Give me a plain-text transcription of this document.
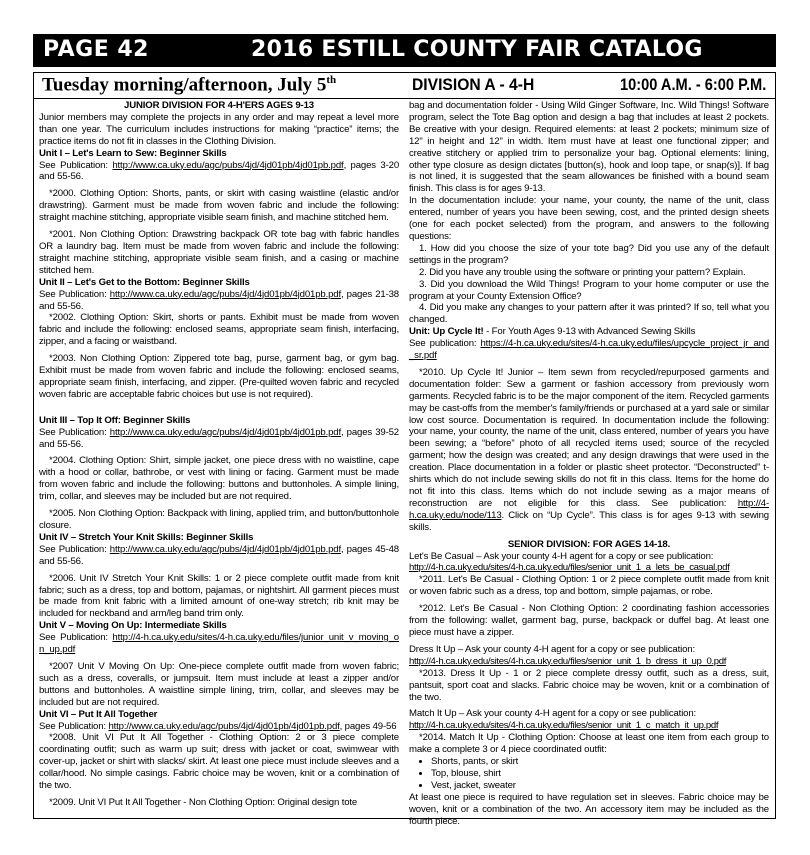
PAGE 42	2016 ESTILL COUNTY FAIR CATALOG
Tuesday morning/afternoon, July 5th	DIVISION A - 4-H	10:00 A.M. - 6:00 P.M.

JUNIOR DIVISION FOR 4-H'ERS AGES 9-13

Junior members may complete the projects in any order and may repeat a level more than one year. The curriculum includes instructions for making “practice” items; the practice items do not fit in classes in the Clothing Division.

Unit I – Let's Learn to Sew: Beginner Skills

See Publication: http://www.ca.uky.edu/agc/pubs/4jd/4jd01pb/4jd01pb.pdf, pages 3-20 and 55-56.

*2000. Clothing Option: Shorts, pants, or skirt with casing waistline (elastic and/or drawstring). Garment must be made from woven fabric and include the following: straight machine stitching, appropriate visible seam finish, and machine stitched hem.

*2001. Non Clothing Option: Drawstring backpack OR tote bag with fabric handles OR a laundry bag. Item must be made from woven fabric and include the following: straight machine stitching, appropriate visible seam finish, and a casing or machine stitched hem.

Unit II – Let's Get to the Bottom: Beginner Skills

See Publication: http://www.ca.uky.edu/agc/pubs/4jd/4jd01pb/4jd01pb.pdf, pages 21-38 and 55-56.

*2002. Clothing Option: Skirt, shorts or pants. Exhibit must be made from woven fabric and include the following: enclosed seams, appropriate seam finish, interfacing, zipper, and a facing or waistband.

*2003. Non Clothing Option: Zippered tote bag, purse, garment bag, or gym bag. Exhibit must be made from woven fabric and include the following: enclosed seams, appropriate seam finish, interfacing, and zipper. (Pre-quilted woven fabric and recycled woven fabric are acceptable fabric choices but use is not required).

Unit III – Top It Off: Beginner Skills

See Publication: http://www.ca.uky.edu/agc/pubs/4jd/4jd01pb/4jd01pb.pdf, pages 39-52 and 55-56.

*2004. Clothing Option: Shirt, simple jacket, one piece dress with no waistline, cape with a hood or collar, bathrobe, or vest with lining or facing. Garment must be made from woven fabric and include the following: buttons and buttonholes. A simple lining, trim, collar, and sleeves may be included but are not required.

*2005. Non Clothing Option: Backpack with lining, applied trim, and button/buttonhole closure.

Unit IV – Stretch Your Knit Skills: Beginner Skills

See Publication: http://www.ca.uky.edu/agc/pubs/4jd/4jd01pb/4jd01pb.pdf, pages 45-48 and 55-56.

*2006. Unit IV Stretch Your Knit Skills: 1 or 2 piece complete outfit made from knit fabric; such as a dress, top and bottom, pajamas, or nightshirt. All garment pieces must be made from knit fabric with a limited amount of one-way stretch; rib knit may be included for neckband and arm/leg band trim only.

Unit V – Moving On Up: Intermediate Skills

See Publication: http://4-h.ca.uky.edu/sites/4-h.ca.uky.edu/files/junior_unit_v_moving_on_up.pdf

*2007 Unit V Moving On Up: One-piece complete outfit made from woven fabric; such as a dress, coveralls, or jumpsuit. Item must include at least a zipper and/or buttons and buttonholes. A waistline simple lining, trim, collar, and sleeves may be included but are not required.

Unit VI – Put It All Together

See Publication: http://www.ca.uky.edu/agc/pubs/4jd/4jd01pb/4jd01pb.pdf, pages 49-56

*2008. Unit VI Put It All Together - Clothing Option: 2 or 3 piece complete coordinating outfit; such as warm up suit; dress with jacket or coat, swimwear with cover-up, jacket or shirt with slacks/ skirt. At least one piece must include sleeves and a collar/hood. No simple casings. Fabric choice may be woven, knit or a combination of the two.

*2009. Unit VI Put It All Together - Non Clothing Option: Original design tote

bag and documentation folder - Using Wild Ginger Software, Inc. Wild Things! Software program, select the Tote Bag option and design a bag that includes at least 2 pockets. Be creative with your design. Required elements: at least 2 pockets; minimum size of 12" in height and 12" in width. Item must have at least one functional zipper; and creative stitchery or applied trim to personalize your bag. Optional elements: lining, other type closure as design dictates [button(s), hook and loop tape, or snap(s)]. If bag is not lined, it is suggested that the seam allowances be finished with a bound seam finish. This class is for ages 9-13.

In the documentation include: your name, your county, the name of the unit, class entered, number of years you have been sewing, cost, and the printed design sheets (one for each pocket selected) from the program, and answers to the following questions:

1. How did you choose the size of your tote bag? Did you use any of the default settings in the program?

2. Did you have any trouble using the software or printing your pattern? Explain.

3. Did you download the Wild Things! Program to your home computer or use the program at your County Extension Office?

4. Did you make any changes to your pattern after it was printed? If so, tell what you changed.

Unit: Up Cycle It! - For Youth Ages 9-13 with Advanced Sewing Skills

See publication: https://4-h.ca.uky.edu/sites/4-h.ca.uky.edu/files/upcycle_project_jr_and_sr.pdf

*2010. Up Cycle It! Junior – Item sewn from recycled/repurposed garments and documentation folder: Sew a garment or fashion accessory from previously worn garments. Recycled fabric is to be the major component of the item. Recycled garments may be cast-offs from the member's family/friends or purchased at a yard sale or similar low cost source. Documentation is required. In documentation include the following: your name, your county, the name of the unit, class entered, number of years you have been sewing; a “before” photo of all recycled items used; source of the recycled garment; how the design was created; and any design drawings that were used in the creation. Place documentation in a folder or plastic sheet protector. “Deconstructed” t-shirts which do not include sewing skills do not fit in this class. Items for the home do not fit into this class. Items which do not include sewing as a major means of reconstruction are not eligible for this class. See publication: http://4-h.ca.uky.edu/node/113. Click on “Up Cycle”. This class is for ages 9-13 with sewing skills.

SENIOR DIVISION: FOR AGES 14-18.

Let's Be Casual – Ask your county 4-H agent for a copy or see publication:

http://4-h.ca.uky.edu/sites/4-h.ca.uky.edu/files/senior_unit_1_a_lets_be_casual.pdf

*2011. Let's Be Casual - Clothing Option: 1 or 2 piece complete outfit made from knit or woven fabric such as a dress, top and bottom, simple pajamas, or robe.

*2012. Let's Be Casual - Non Clothing Option: 2 coordinating fashion accessories from the following: wallet, garment bag, purse, backpack or duffel bag. At least one piece must have a zipper.

Dress It Up – Ask your county 4-H agent for a copy or see publication:

http://4-h.ca.uky.edu/sites/4-h.ca.uky.edu/files/senior_unit_1_b_dress_it_up_0.pdf

*2013. Dress It Up - 1 or 2 piece complete dressy outfit, such as a dress, suit, pantsuit, sport coat and slacks. Fabric choice may be woven, knit or a combination of the two.

Match It Up – Ask your county 4-H agent for a copy or see publication:

http://4-h.ca.uky.edu/sites/4-h.ca.uky.edu/files/senior_unit_1_c_match_it_up.pdf

*2014. Match It Up - Clothing Option: Choose at least one item from each group to make a complete 3 or 4 piece coordinated outfit:

• Shorts, pants, or skirt
• Top, blouse, shirt
• Vest, jacket, sweater

At least one piece is required to have regulation set in sleeves. Fabric choice may be woven, knit or a combination of the two. An accessory item may be included as the fourth piece.
